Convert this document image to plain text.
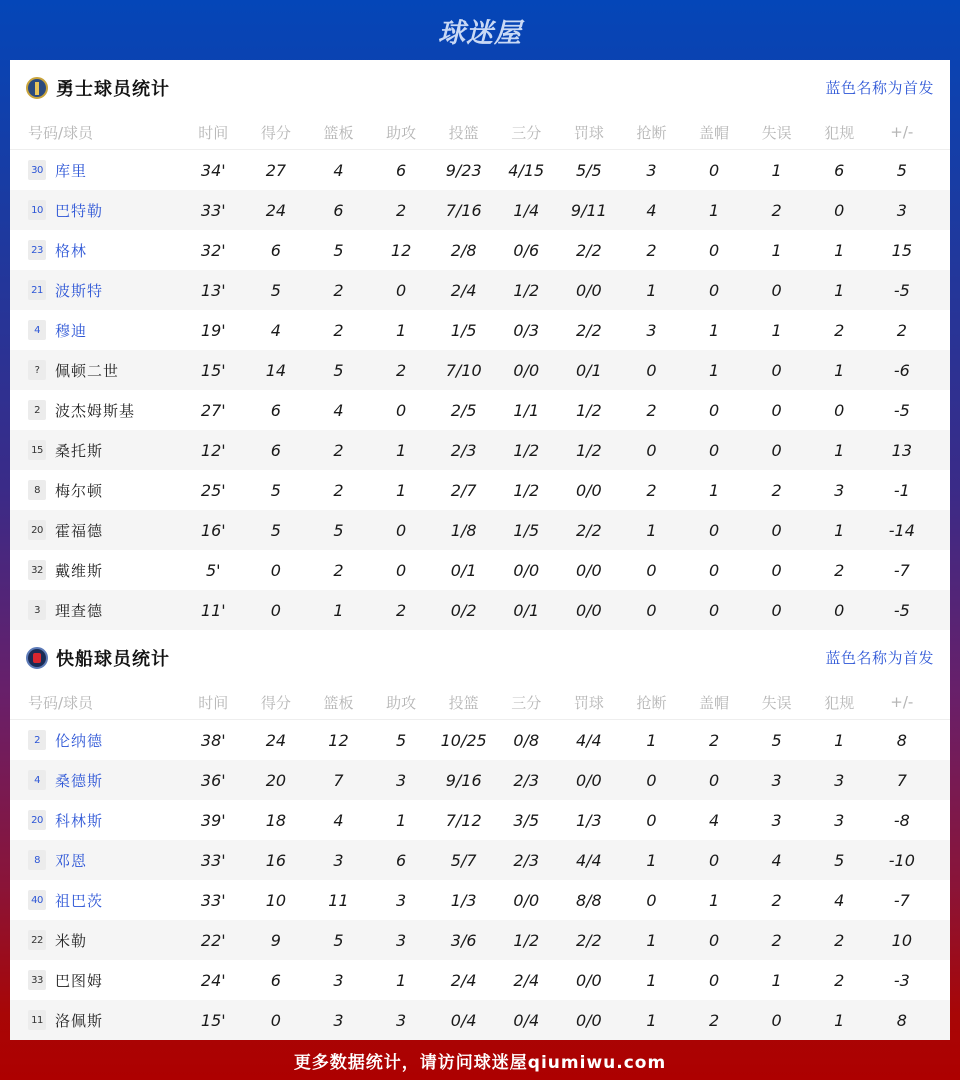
球迷屋
勇士球员统计	蓝色名称为首发
号码/球员	时间	得分	篮板	助攻	投篮	三分	罚球	抢断	盖帽	失误	犯规	+/-
30 库里	34'	27	4	6	9/23	4/15	5/5	3	0	1	6	5
10 巴特勒	33'	24	6	2	7/16	1/4	9/11	4	1	2	0	3
23 格林	32'	6	5	12	2/8	0/6	2/2	2	0	1	1	15
21 波斯特	13'	5	2	0	2/4	1/2	0/0	1	0	0	1	-5
4	穆迪	19'	4	2	1	1/5	0/3	2/2	3	1	1	2	2
?	佩顿二世	15'	14	5	2	7/10	0/0	0/1	0	1	0	1	-6
2	波杰姆斯基	27'	6	4	0	2/5	1/1	1/2	2	0	0	0	-5
15 桑托斯	12'	6	2	1	2/3	1/2	1/2	0	0	0	1	13
8	梅尔顿	25'	5	2	1	2/7	1/2	0/0	2	1	2	3	-1
20 霍福德	16'	5	5	0	1/8	1/5	2/2	1	0	0	1	-14
32 戴维斯	5'	0	2	0	0/1	0/0	0/0	0	0	0	2	-7
3	理查德	11'	0	1	2	0/2	0/1	0/0	0	0	0	0	-5
快船球员统计	蓝色名称为首发
号码/球员	时间	得分	篮板	助攻	投篮	三分	罚球	抢断	盖帽	失误	犯规	+/-
2	伦纳德	38'	24	12	5	10/25	0/8	4/4	1	2	5	1	8
4	桑德斯	36'	20	7	3	9/16	2/3	0/0	0	0	3	3	7
20 科林斯	39'	18	4	1	7/12	3/5	1/3	0	4	3	3	-8
8	邓恩	33'	16	3	6	5/7	2/3	4/4	1	0	4	5	-10
40 祖巴茨	33'	10	11	3	1/3	0/0	8/8	0	1	2	4	-7
22 米勒	22'	9	5	3	3/6	1/2	2/2	1	0	2	2	10
33 巴图姆	24'	6	3	1	2/4	2/4	0/0	1	0	1	2	-3
11 洛佩斯	15'	0	3	3	0/4	0/4	0/0	1	2	0	1	8
更多数据统计，请访问球迷屋qiumiwu.com
